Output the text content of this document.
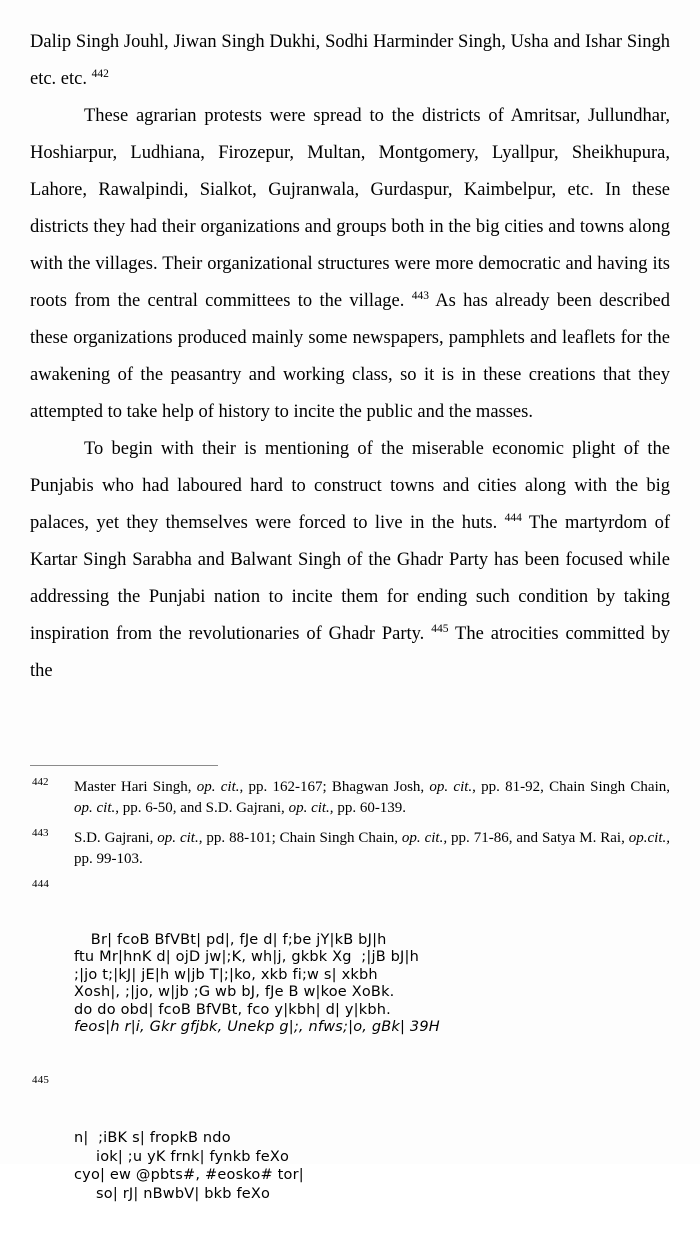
Dalip Singh Jouhl, Jiwan Singh Dukhi, Sodhi Harminder Singh, Usha and Ishar Singh etc. etc. $^{442}$

These agrarian protests were spread to the districts of Amritsar, Jullundhar, Hoshiarpur, Ludhiana, Firozepur, Multan, Montgomery, Lyallpur, Sheikhupura, Lahore, Rawalpindi, Sialkot, Gujranwala, Gurdaspur, Kaimbelpur, etc. In these districts they had their organizations and groups both in the big cities and towns along with the villages. Their organizational structures were more democratic and having its roots from the central committees to the village. $^{443}$ As has already been described these organizations produced mainly some newspapers, pamphlets and leaflets for the awakening of the peasantry and working class, so it is in these creations that they attempted to take help of history to incite the public and the masses.

To begin with their is mentioning of the miserable economic plight of the Punjabis who had laboured hard to construct towns and cities along with the big palaces, yet they themselves were forced to live in the huts. $^{444}$ The martyrdom of Kartar Singh Sarabha and Balwant Singh of the Ghadr Party has been focused while addressing the Punjabi nation to incite them for ending such condition by taking inspiration from the revolutionaries of Ghadr Party. $^{445}$ The atrocities committed by the

442 Master Hari Singh, op. cit., pp. 162-167; Bhagwan Josh, op. cit., pp. 81-92, Chain Singh Chain, op. cit., pp. 6-50, and S.D. Gajrani, op. cit., pp. 60-139.
443 S.D. Gajrani, op. cit., pp. 88-101; Chain Singh Chain, op. cit., pp. 71-86, and Satya M. Rai, op.cit., pp. 99-103.

444

Br| fcoB BfVBt| pd|, fJe d| f;be jY|kB bJ|h
ftu Mr|hnK d| ojD jw|;K, wh|j, gkbk Xg  ;|jB bJ|h
;|jo t;|kJ| jE|h w|jb T|;|ko, xkb fi;w s| xkbh
Xosh|, ;|jo, w|jb ;G wb bJ, fJe B w|koe XoBk.
do do obd| fcoB BfVBt, fco y|kbh| d| y|kbh.
feos|h r|i, Gkr gfjbk, Unekp g|;, nfws;|o, gBk| 39H

445

n|  ;iBK s| fropkB ndo
iok| ;u yK frnk| fynkb feXo
cyo| ew @pbts#, #eosko# tor|
so| rJ| nBwbV| bkb feXo
